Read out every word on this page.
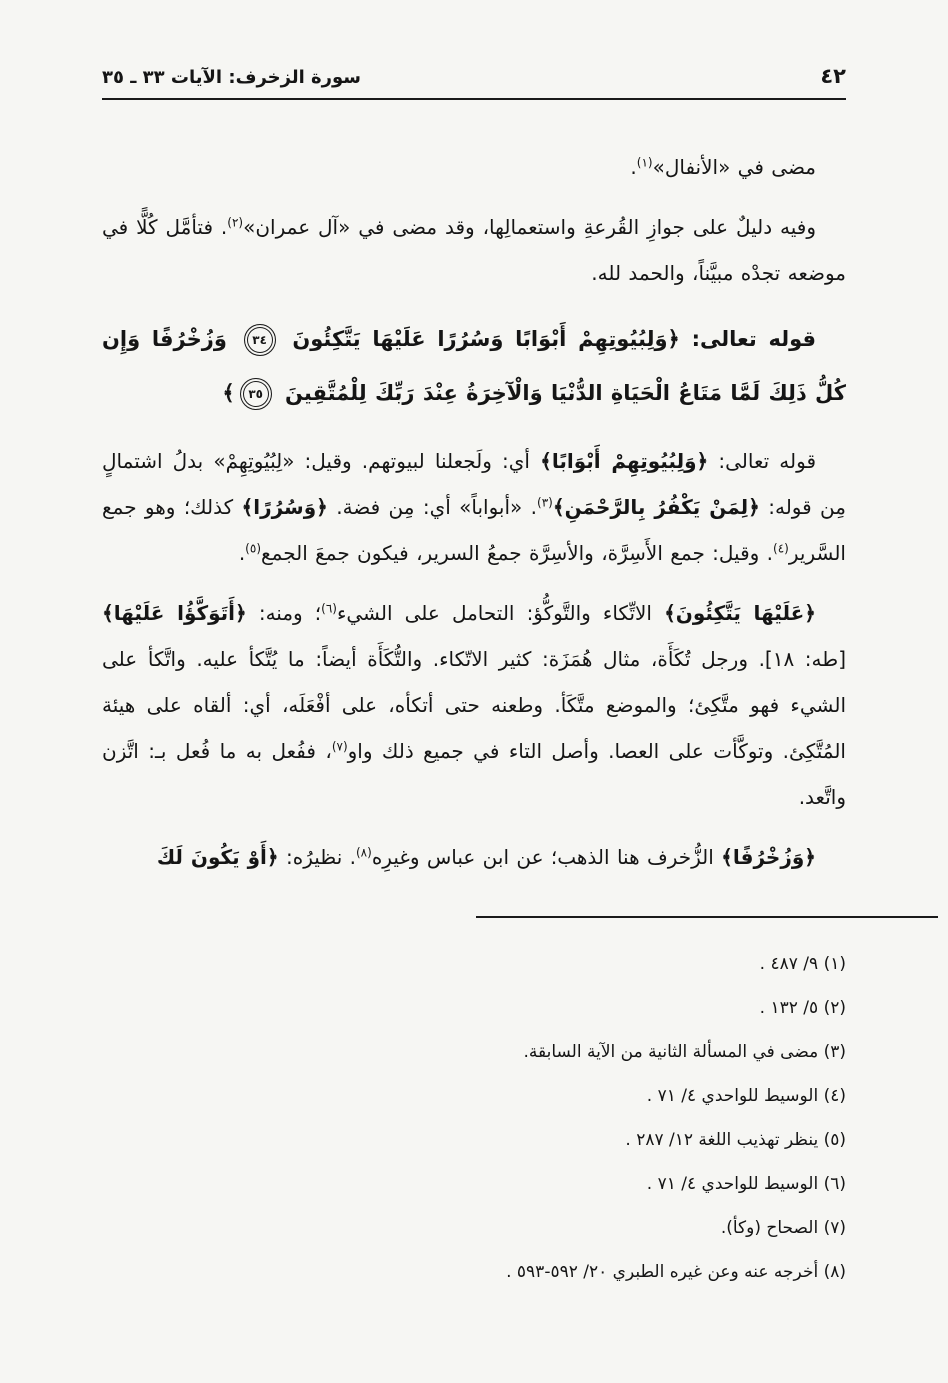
٤٢
سورة الزخرف: الآيات ٣٣ ـ ٣٥

مضى في «الأنفال»$^{(١)}$.

وفيه دليلٌ على جوازِ القُرعةِ واستعمالِها، وقد مضى في «آل عمران»$^{(٢)}$. فتأمَّل كُلًّا في موضعه تجدْه مبيَّناً، والحمد لله.

قوله تعالى: ﴿وَلِبُيُوتِهِمْ أَبْوَابًا وَسُرُرًا عَلَيْهَا يَتَّكِئُونَ ٣٤ وَزُخْرُفًا وَإِن كُلُّ ذَلِكَ لَمَّا مَتَاعُ الْحَيَاةِ الدُّنْيَا وَالْآخِرَةُ عِنْدَ رَبِّكَ لِلْمُتَّقِينَ ٣٥﴾

قوله تعالى: ﴿وَلِبُيُوتِهِمْ أَبْوَابًا﴾ أي: ولَجعلنا لبيوتهم. وقيل: «لِبُيُوتِهِمْ» بدلُ اشتمالٍ مِن قوله: ﴿لِمَنْ يَكْفُرُ بِالرَّحْمَنِ﴾$^{(٣)}$. «أبواباً» أي: مِن فضة. ﴿وَسُرُرًا﴾ كذلك؛ وهو جمع السَّرير$^{(٤)}$. وقيل: جمع الأَسِرَّة، والأسِرَّة جمعُ السرير، فيكون جمعَ الجمع$^{(٥)}$.

﴿عَلَيْهَا يَتَّكِئُونَ﴾ الاتِّكاء والتَّوكُّؤ: التحامل على الشيء$^{(٦)}$؛ ومنه: ﴿أَتَوَكَّؤُا عَلَيْهَا﴾ [طه: ١٨]. ورجل تُكَأَة، مثال هُمَزَة: كثير الاتّكاء. والتُّكَأَة أيضاً: ما يُتَّكأ عليه. واتَّكأ على الشيء فهو متَّكِئ؛ والموضع متَّكَأ. وطعنه حتى أتكأه، على أفْعَلَه، أي: ألقاه على هيئة المُتَّكِئ. وتوكَّأت على العصا. وأصل التاء في جميع ذلك واو$^{(٧)}$، ففُعل به ما فُعل بـ: اتَّزن واتَّعد.

﴿وَزُخْرُفًا﴾ الزُّخرف هنا الذهب؛ عن ابن عباس وغيرِه$^{(٨)}$. نظيرُه: ﴿أَوْ يَكُونَ لَكَ

(١) ٩/ ٤٨٧ .

(٢) ٥/ ١٣٢ .

(٣) مضى في المسألة الثانية من الآية السابقة.

(٤) الوسيط للواحدي ٤/ ٧١ .

(٥) ينظر تهذيب اللغة ١٢/ ٢٨٧ .

(٦) الوسيط للواحدي ٤/ ٧١ .

(٧) الصحاح (وكأ).

(٨) أخرجه عنه وعن غيره الطبري ٢٠/ ٥٩٢-٥٩٣ .
